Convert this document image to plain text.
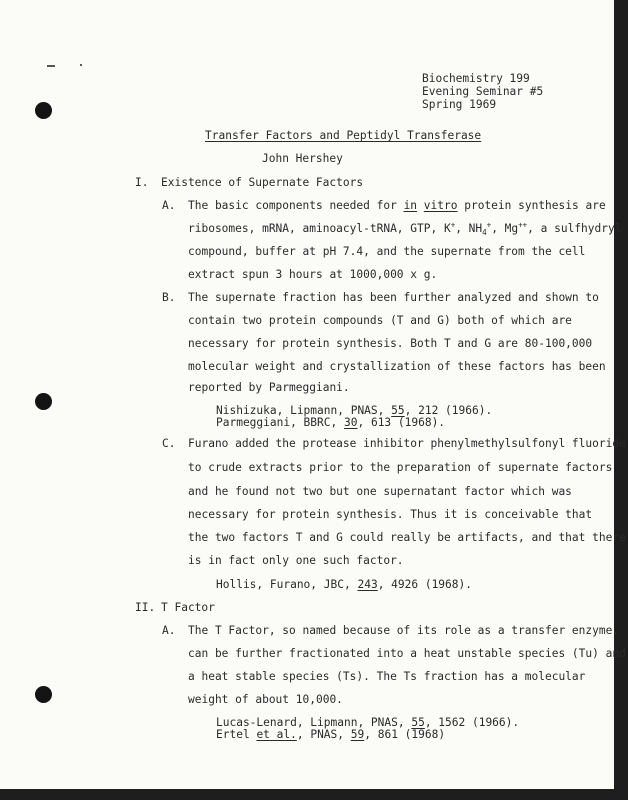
Biochemistry 199
Evening Seminar #5
Spring 1969
Transfer Factors and Peptidyl Transferase
John Hershey
I. Existence of Supernate Factors
A. The basic components needed for in vitro protein synthesis are
ribosomes, mRNA, aminoacyl-tRNA, GTP, K+, $NH_4^+$, Mg++, a sulfhydryl
compound, buffer at pH 7.4, and the supernate from the cell
extract spun 3 hours at 1000,000 x g.
B. The supernate fraction has been further analyzed and shown to
contain two protein compounds (T and G) both of which are
necessary for protein synthesis. Both T and G are 80-100,000
molecular weight and crystallization of these factors has been
reported by Parmeggiani.
Nishizuka, Lipmann, PNAS, 55, 212 (1966).
Parmeggiani, BBRC, 30, 613 (1968).
C. Furano added the protease inhibitor phenylmethylsulfonyl fluoride
to crude extracts prior to the preparation of supernate factors
and he found not two but one supernatant factor which was
necessary for protein synthesis. Thus it is conceivable that
the two factors T and G could really be artifacts, and that there
is in fact only one such factor.
Hollis, Furano, JBC, 243, 4926 (1968).
II. T Factor
A. The T Factor, so named because of its role as a transfer enzyme,
can be further fractionated into a heat unstable species (Tu) and
a heat stable species (Ts). The Ts fraction has a molecular
weight of about 10,000.
Lucas-Lenard, Lipmann, PNAS, 55, 1562 (1966).
Ertel et al., PNAS, 59, 861 (1968)
